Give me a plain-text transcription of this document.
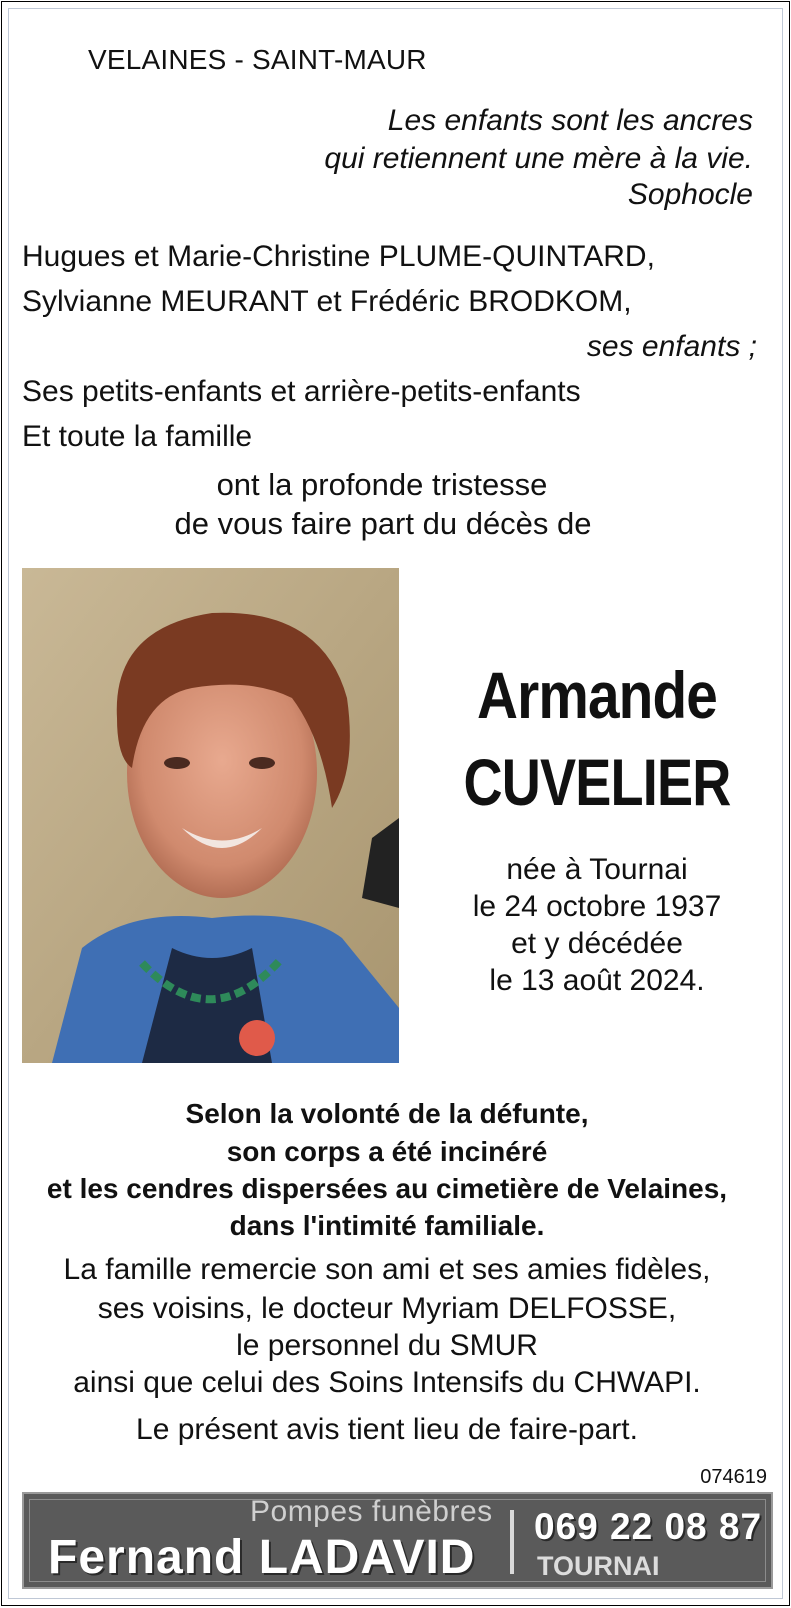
VELAINES - SAINT-MAUR
Les enfants sont les ancres
qui retiennent une mère à la vie.
Sophocle
Hugues et Marie-Christine PLUME-QUINTARD,
Sylvianne MEURANT et Frédéric BRODKOM,
ses enfants ;
Ses petits-enfants et arrière-petits-enfants
Et toute la famille
ont la profonde tristesse
de vous faire part du décès de
Armande
CUVELIER
née à Tournai
le 24 octobre 1937
et y décédée
le 13 août 2024.
Selon la volonté de la défunte,
son corps a été incinéré
et les cendres dispersées au cimetière de Velaines,
dans l'intimité familiale.
La famille remercie son ami et ses amies fidèles,
ses voisins, le docteur Myriam DELFOSSE,
le personnel du SMUR
ainsi que celui des Soins Intensifs du CHWAPI.
Le présent avis tient lieu de faire-part.
074619
Pompes funèbres
Fernand LADAVID
069 22 08 87
TOURNAI
